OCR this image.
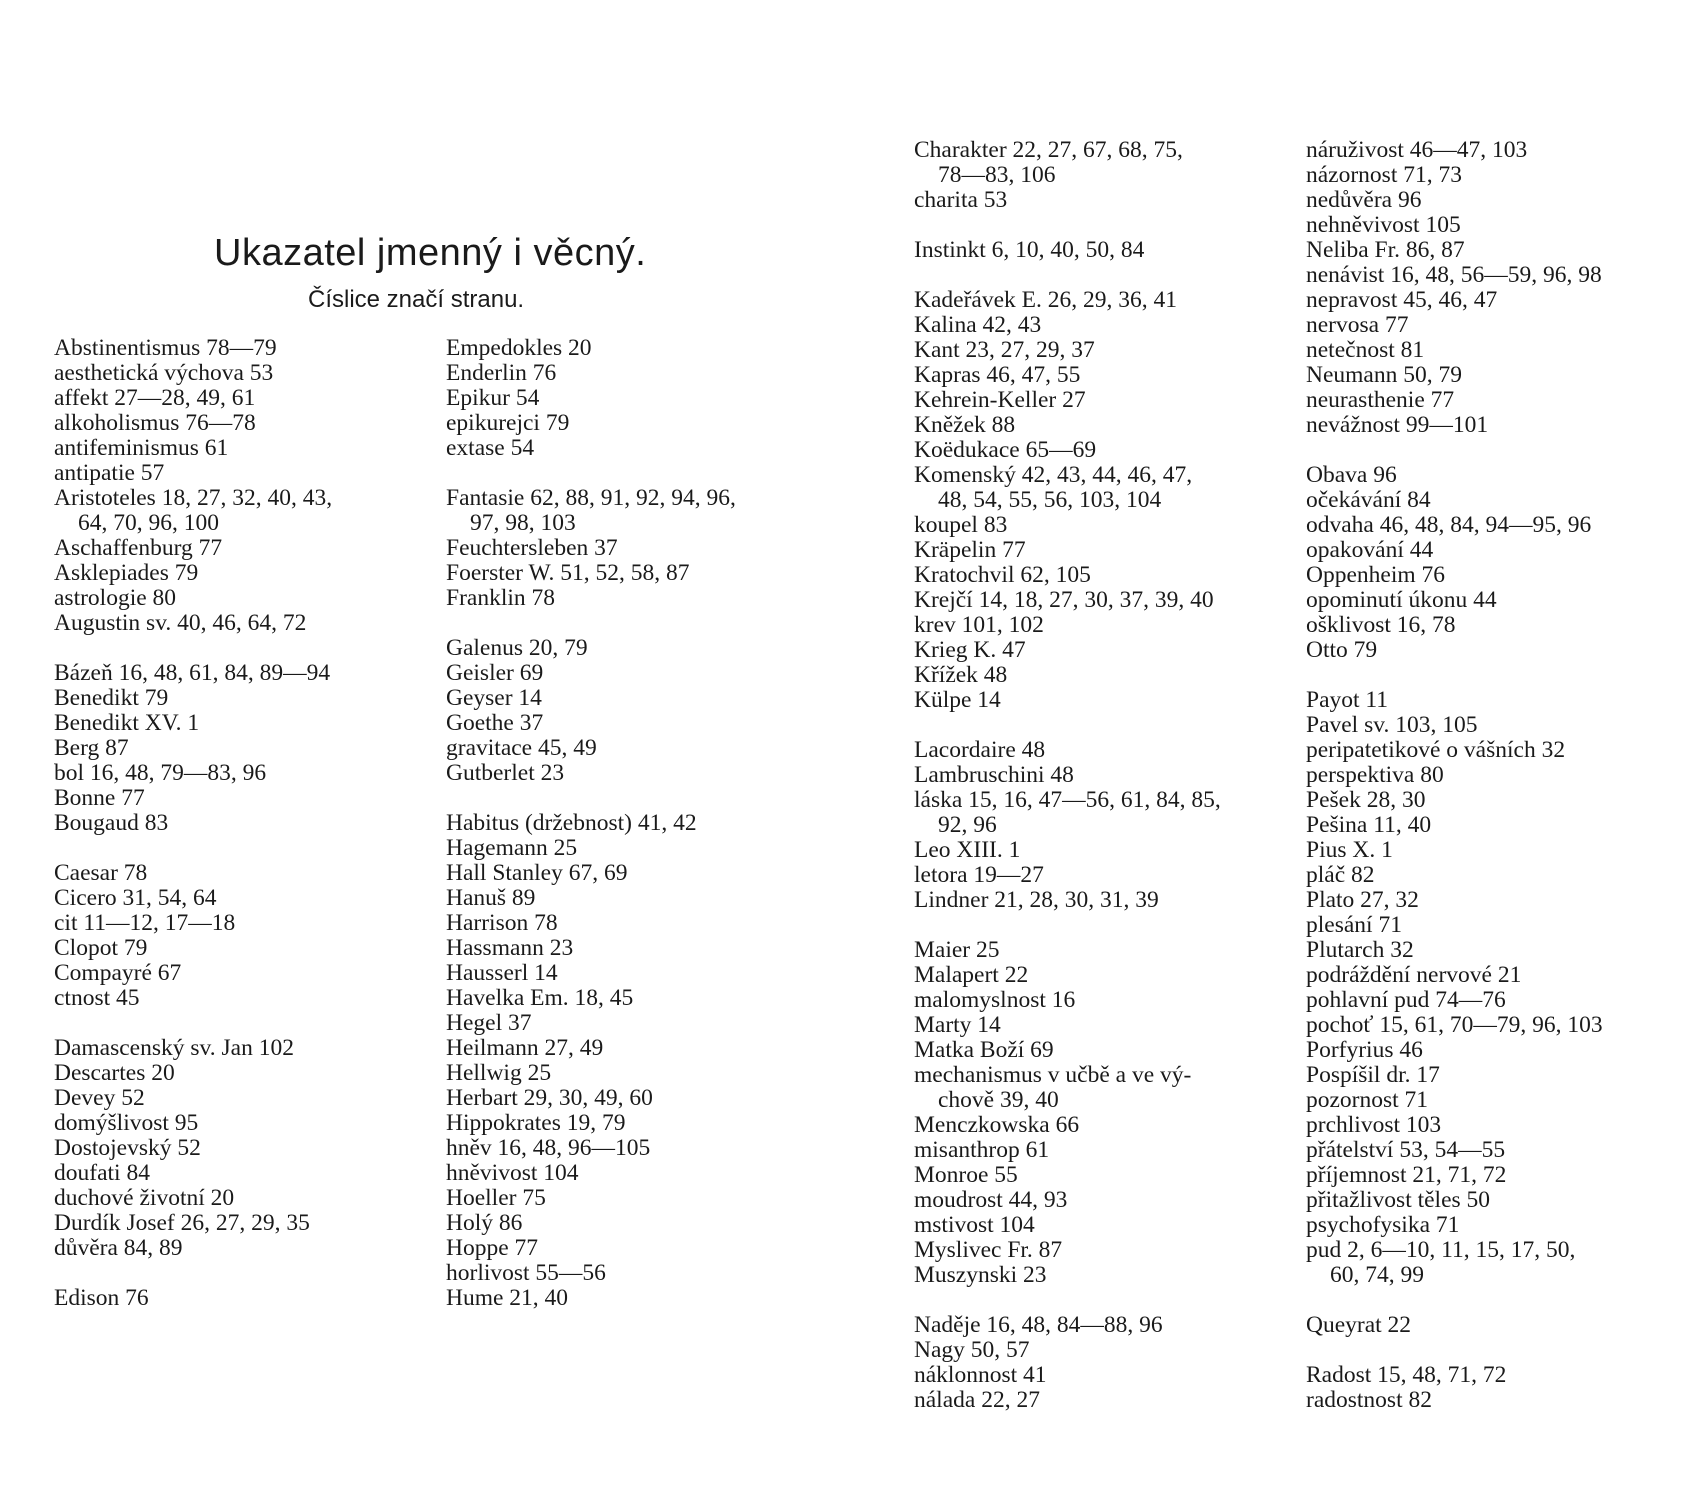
Ukazatel jmenný i věcný.
Číslice značí stranu.
Abstinentismus 78—79
aesthetická výchova 53
affekt 27—28, 49, 61
alkoholismus 76—78
antifeminismus 61
antipatie 57
Aristoteles 18, 27, 32, 40, 43,
64, 70, 96, 100
Aschaffenburg 77
Asklepiades 79
astrologie 80
Augustin sv. 40, 46, 64, 72
Bázeň 16, 48, 61, 84, 89—94
Benedikt 79
Benedikt XV. 1
Berg 87
bol 16, 48, 79—83, 96
Bonne 77
Bougaud 83
Caesar 78
Cicero 31, 54, 64
cit 11—12, 17—18
Clopot 79
Compayré 67
ctnost 45
Damascenský sv. Jan 102
Descartes 20
Devey 52
domýšlivost 95
Dostojevský 52
doufati 84
duchové životní 20
Durdík Josef 26, 27, 29, 35
důvěra 84, 89
Edison 76
Empedokles 20
Enderlin 76
Epikur 54
epikurejci 79
extase 54
Fantasie 62, 88, 91, 92, 94, 96,
97, 98, 103
Feuchtersleben 37
Foerster W. 51, 52, 58, 87
Franklin 78
Galenus 20, 79
Geisler 69
Geyser 14
Goethe 37
gravitace 45, 49
Gutberlet 23
Habitus (držebnost) 41, 42
Hagemann 25
Hall Stanley 67, 69
Hanuš 89
Harrison 78
Hassmann 23
Hausserl 14
Havelka Em. 18, 45
Hegel 37
Heilmann 27, 49
Hellwig 25
Herbart 29, 30, 49, 60
Hippokrates 19, 79
hněv 16, 48, 96—105
hněvivost 104
Hoeller 75
Holý 86
Hoppe 77
horlivost 55—56
Hume 21, 40
Charakter 22, 27, 67, 68, 75,
78—83, 106
charita 53
Instinkt 6, 10, 40, 50, 84
Kadeřávek E. 26, 29, 36, 41
Kalina 42, 43
Kant 23, 27, 29, 37
Kapras 46, 47, 55
Kehrein-Keller 27
Kněžek 88
Koëdukace 65—69
Komenský 42, 43, 44, 46, 47,
48, 54, 55, 56, 103, 104
koupel 83
Kräpelin 77
Kratochvil 62, 105
Krejčí 14, 18, 27, 30, 37, 39, 40
krev 101, 102
Krieg K. 47
Křížek 48
Külpe 14
Lacordaire 48
Lambruschini 48
láska 15, 16, 47—56, 61, 84, 85,
92, 96
Leo XIII. 1
letora 19—27
Lindner 21, 28, 30, 31, 39
Maier 25
Malapert 22
malomyslnost 16
Marty 14
Matka Boží 69
mechanismus v učbě a ve vý-
chově 39, 40
Menczkowska 66
misanthrop 61
Monroe 55
moudrost 44, 93
mstivost 104
Myslivec Fr. 87
Muszynski 23
Naděje 16, 48, 84—88, 96
Nagy 50, 57
náklonnost 41
nálada 22, 27
náruživost 46—47, 103
názornost 71, 73
nedůvěra 96
nehněvivost 105
Neliba Fr. 86, 87
nenávist 16, 48, 56—59, 96, 98
nepravost 45, 46, 47
nervosa 77
netečnost 81
Neumann 50, 79
neurasthenie 77
nevážnost 99—101
Obava 96
očekávání 84
odvaha 46, 48, 84, 94—95, 96
opakování 44
Oppenheim 76
opominutí úkonu 44
ošklivost 16, 78
Otto 79
Payot 11
Pavel sv. 103, 105
peripatetikové o vášních 32
perspektiva 80
Pešek 28, 30
Pešina 11, 40
Pius X. 1
pláč 82
Plato 27, 32
plesání 71
Plutarch 32
podráždění nervové 21
pohlavní pud 74—76
pochoť 15, 61, 70—79, 96, 103
Porfyrius 46
Pospíšil dr. 17
pozornost 71
prchlivost 103
přátelství 53, 54—55
příjemnost 21, 71, 72
přitažlivost těles 50
psychofysika 71
pud 2, 6—10, 11, 15, 17, 50,
60, 74, 99
Queyrat 22
Radost 15, 48, 71, 72
radostnost 82
